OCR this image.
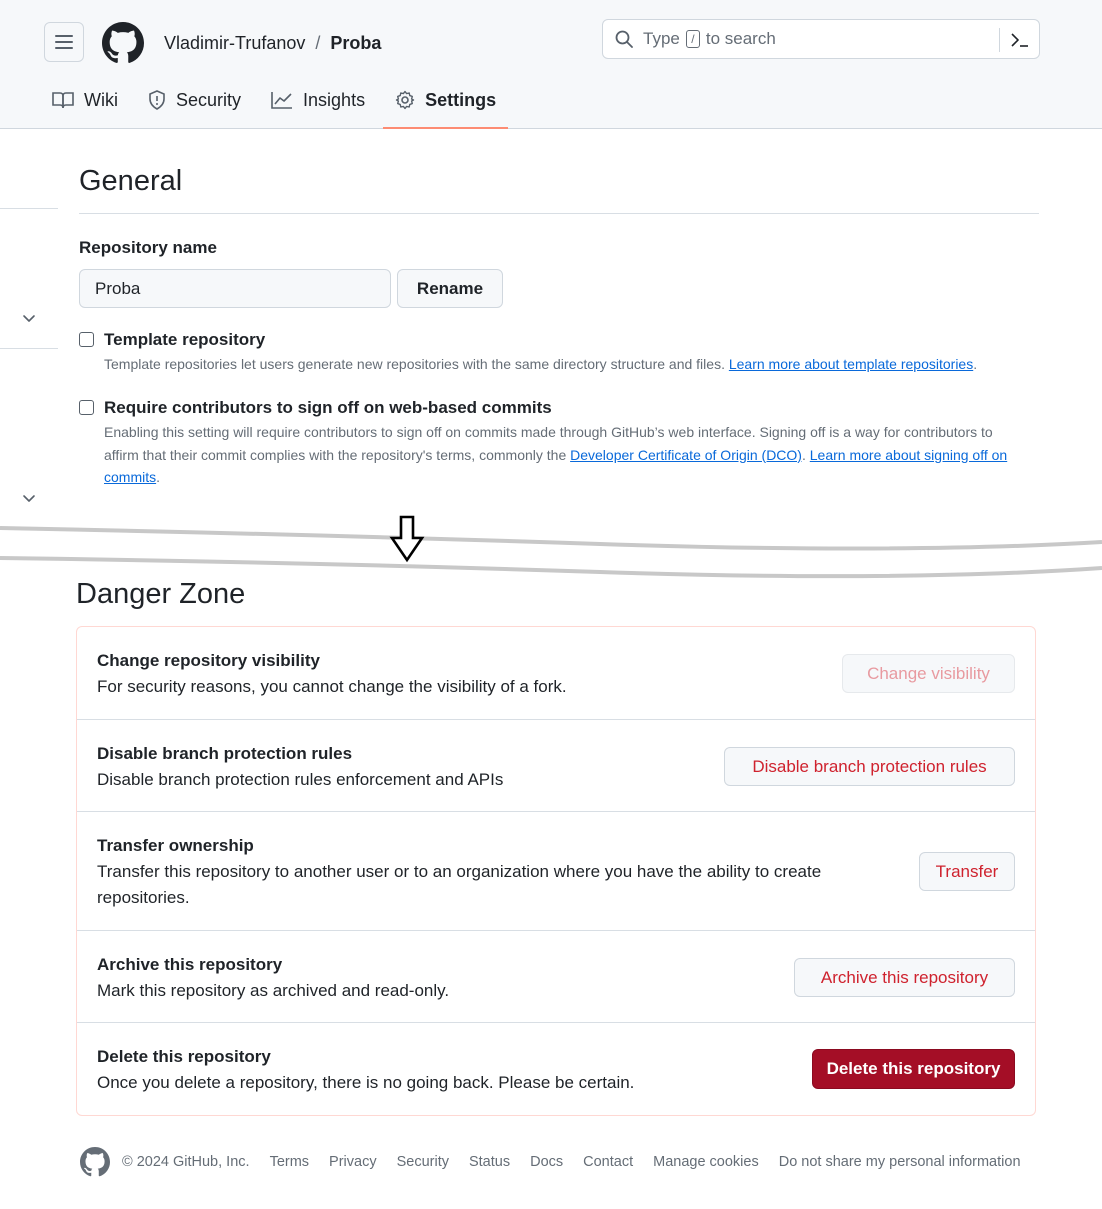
Vladimir-Trufanov / Proba	Type / to search
Wiki	Security	Insights	Settings
General
Repository name
Proba
Rename
Template repository
Template repositories let users generate new repositories with the same directory structure and files. Learn more about template repositories.
Require contributors to sign off on web-based commits
Enabling this setting will require contributors to sign off on commits made through GitHub’s web interface. Signing off is a way for contributors to affirm that their commit complies with the repository's terms, commonly the Developer Certificate of Origin (DCO). Learn more about signing off on commits.
Danger Zone
Change repository visibility
For security reasons, you cannot change the visibility of a fork.
Change visibility
Disable branch protection rules
Disable branch protection rules enforcement and APIs
Disable branch protection rules
Transfer ownership
Transfer this repository to another user or to an organization where you have the ability to create repositories.
Transfer
Archive this repository
Mark this repository as archived and read-only.
Archive this repository
Delete this repository
Once you delete a repository, there is no going back. Please be certain.
Delete this repository
© 2024 GitHub, Inc. Terms Privacy Security Status Docs Contact Manage cookies Do not share my personal information
